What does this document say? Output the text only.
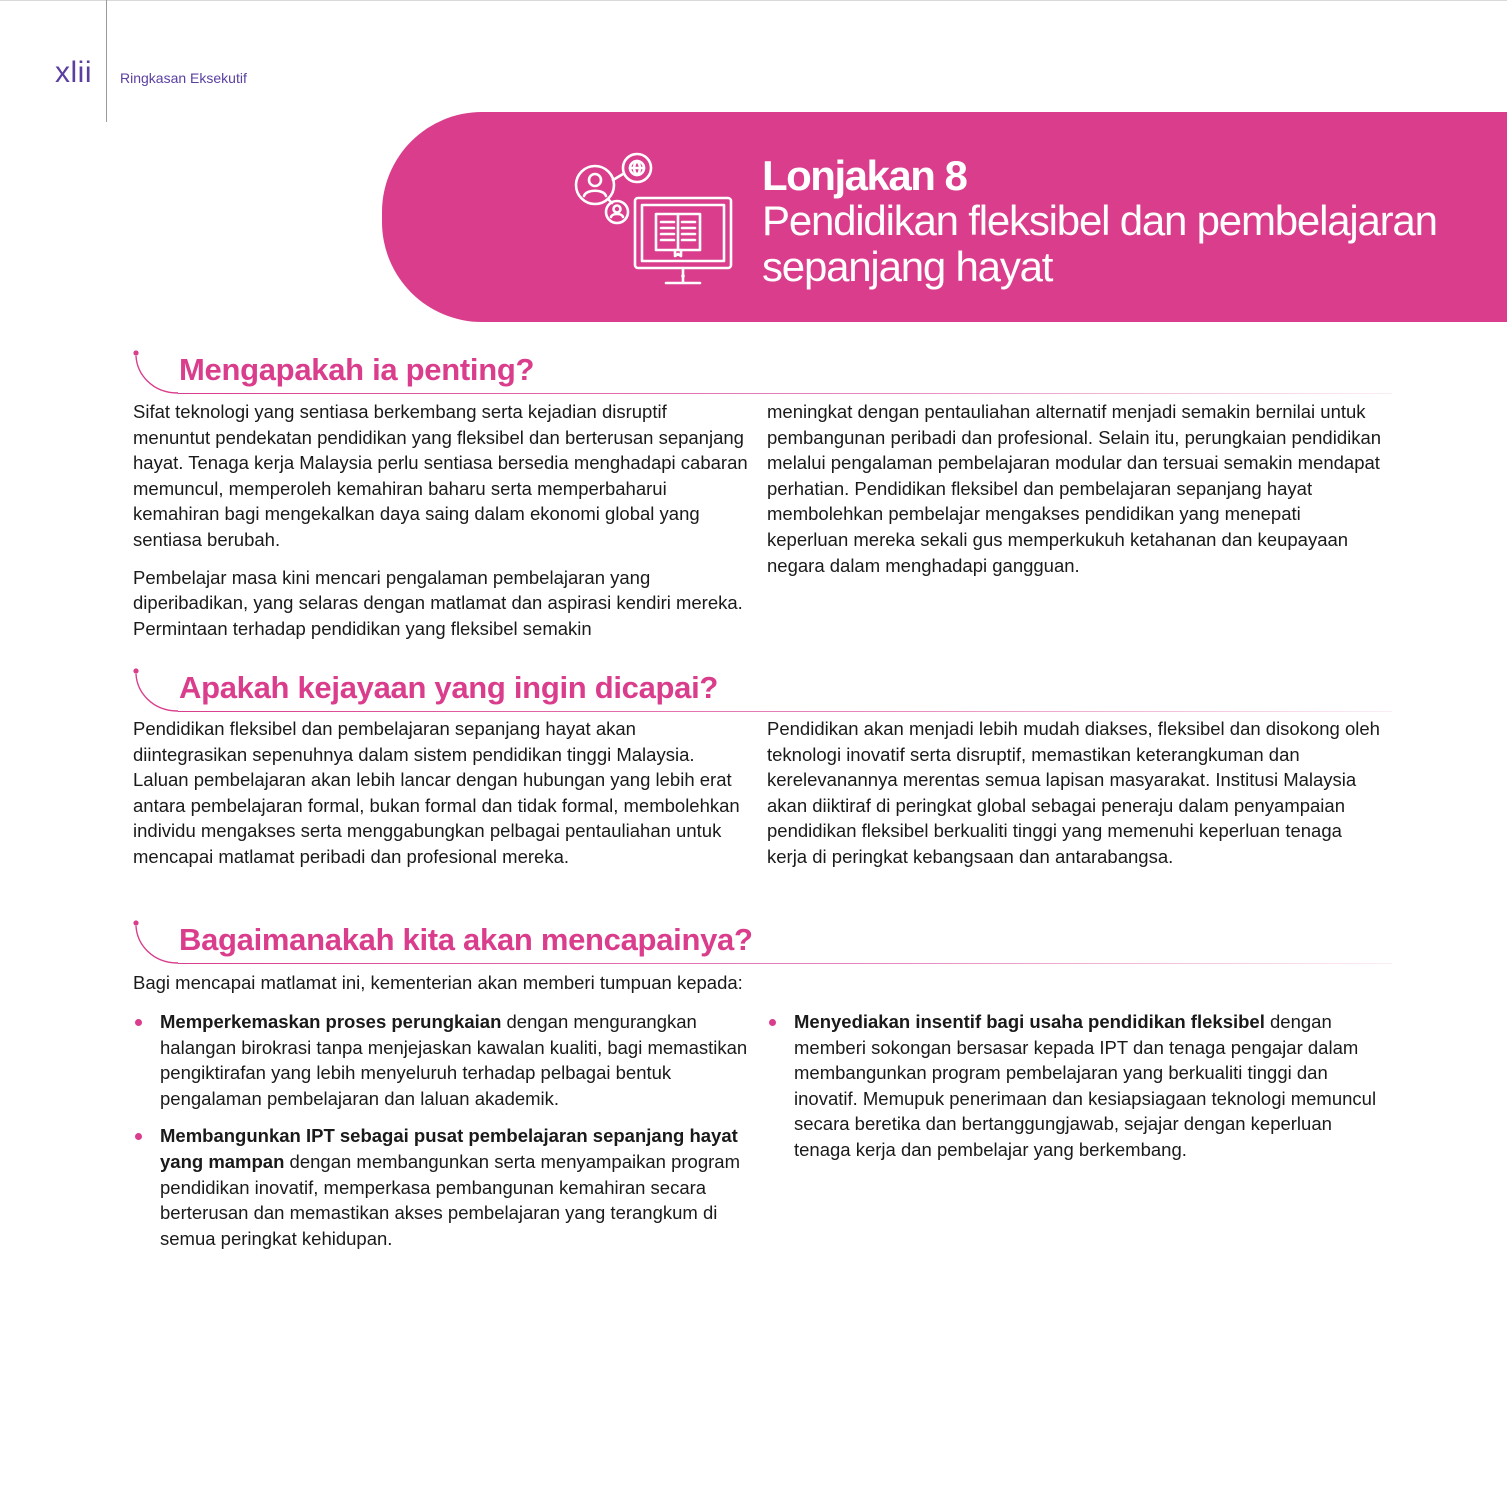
xlii Ringkasan Eksekutif
Lonjakan 8
Pendidikan fleksibel dan pembelajaran sepanjang hayat
Mengapakah ia penting?

Sifat teknologi yang sentiasa berkembang serta kejadian disruptif menuntut pendekatan pendidikan yang fleksibel dan berterusan sepanjang hayat. Tenaga kerja Malaysia perlu sentiasa bersedia menghadapi cabaran memuncul, memperoleh kemahiran baharu serta memperbaharui kemahiran bagi mengekalkan daya saing dalam ekonomi global yang sentiasa berubah.

Pembelajar masa kini mencari pengalaman pembelajaran yang diperibadikan, yang selaras dengan matlamat dan aspirasi kendiri mereka. Permintaan terhadap pendidikan yang fleksibel semakin

meningkat dengan pentauliahan alternatif menjadi semakin bernilai untuk pembangunan peribadi dan profesional. Selain itu, perungkaian pendidikan melalui pengalaman pembelajaran modular dan tersuai semakin mendapat perhatian. Pendidikan fleksibel dan pembelajaran sepanjang hayat membolehkan pembelajar mengakses pendidikan yang menepati keperluan mereka sekali gus memperkukuh ketahanan dan keupayaan negara dalam menghadapi gangguan.

Apakah kejayaan yang ingin dicapai?

Pendidikan fleksibel dan pembelajaran sepanjang hayat akan diintegrasikan sepenuhnya dalam sistem pendidikan tinggi Malaysia. Laluan pembelajaran akan lebih lancar dengan hubungan yang lebih erat antara pembelajaran formal, bukan formal dan tidak formal, membolehkan individu mengakses serta menggabungkan pelbagai pentauliahan untuk mencapai matlamat peribadi dan profesional mereka.

Pendidikan akan menjadi lebih mudah diakses, fleksibel dan disokong oleh teknologi inovatif serta disruptif, memastikan keterangkuman dan kerelevanannya merentas semua lapisan masyarakat. Institusi Malaysia akan diiktiraf di peringkat global sebagai peneraju dalam penyampaian pendidikan fleksibel berkualiti tinggi yang memenuhi keperluan tenaga kerja di peringkat kebangsaan dan antarabangsa.

Bagaimanakah kita akan mencapainya?
Bagi mencapai matlamat ini, kementerian akan memberi tumpuan kepada:
Memperkemaskan proses perungkaian dengan mengurangkan halangan birokrasi tanpa menjejaskan kawalan kualiti, bagi memastikan pengiktirafan yang lebih menyeluruh terhadap pelbagai bentuk pengalaman pembelajaran dan laluan akademik.
Membangunkan IPT sebagai pusat pembelajaran sepanjang hayat yang mampan dengan membangunkan serta menyampaikan program pendidikan inovatif, memperkasa pembangunan kemahiran secara berterusan dan memastikan akses pembelajaran yang terangkum di semua peringkat kehidupan.
Menyediakan insentif bagi usaha pendidikan fleksibel dengan memberi sokongan bersasar kepada IPT dan tenaga pengajar dalam membangunkan program pembelajaran yang berkualiti tinggi dan inovatif. Memupuk penerimaan dan kesiapsiagaan teknologi memuncul secara beretika dan bertanggungjawab, sejajar dengan keperluan tenaga kerja dan pembelajar yang berkembang.
